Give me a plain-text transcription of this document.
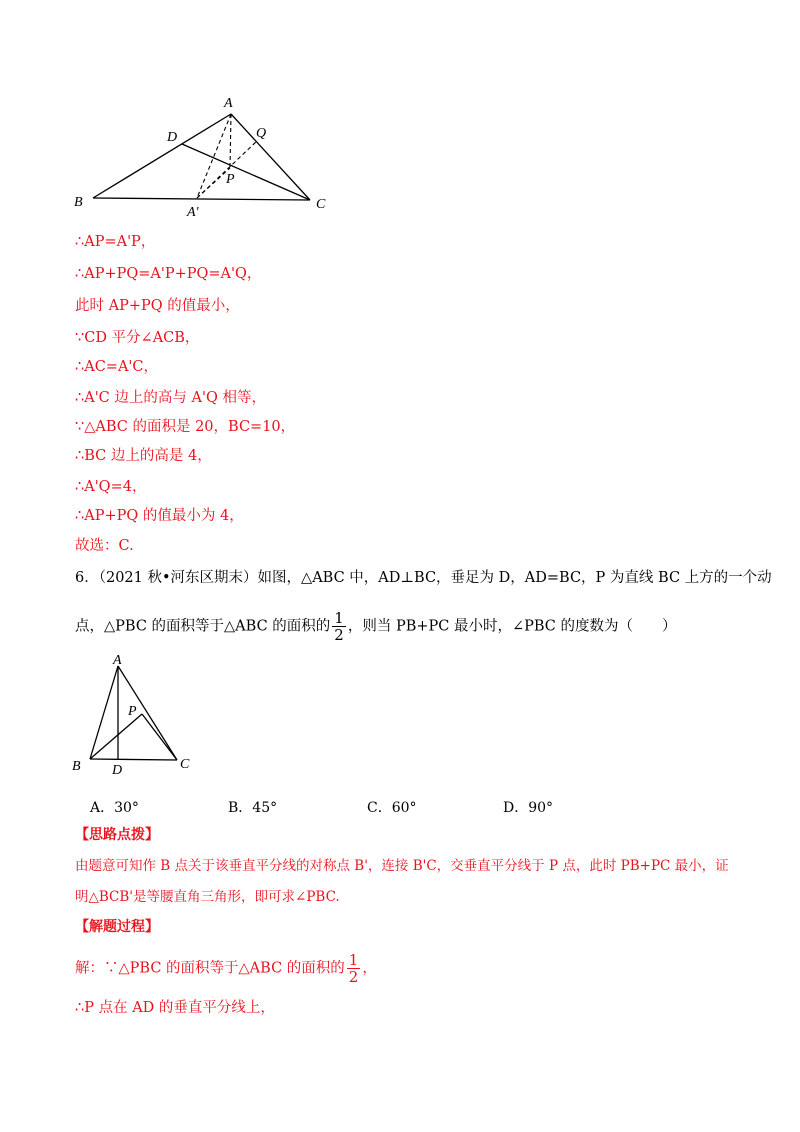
A
B	C
D	Q
P
A'
∴AP=A'P，
∴AP+PQ=A'P+PQ=A'Q，
此时 AP+PQ 的值最小，
∵CD 平分∠ACB，
∴AC=A'C，
∴A'C 边上的高与 A'Q 相等，
∵△ABC 的面积是 20，BC=10，
∴BC 边上的高是 4，
∴A'Q=4，
∴AP+PQ 的值最小为 4，
故选：C.
6．（2021 秋•河东区期末）如图，△ABC 中，AD⊥BC，垂足为 D，AD=BC，P 为直线 BC 上方的一个动
点，△PBC 的面积等于△ABC 的面积的 $\frac{1}{2}$ ，则当 PB+PC 最小时，∠PBC 的度数为（　　）
A
B	C
D
P
A．30°	B．45°	C．60°	D．90°
【思路点拨】
由题意可知作 B 点关于该垂直平分线的对称点 B'，连接 B'C，交垂直平分线于 P 点，此时 PB+PC 最小，证
明△BCB'是等腰直角三角形，即可求∠PBC.
【解题过程】
解：∵△PBC 的面积等于△ABC 的面积的 $\frac{1}{2}$ ，
∴P 点在 AD 的垂直平分线上，
